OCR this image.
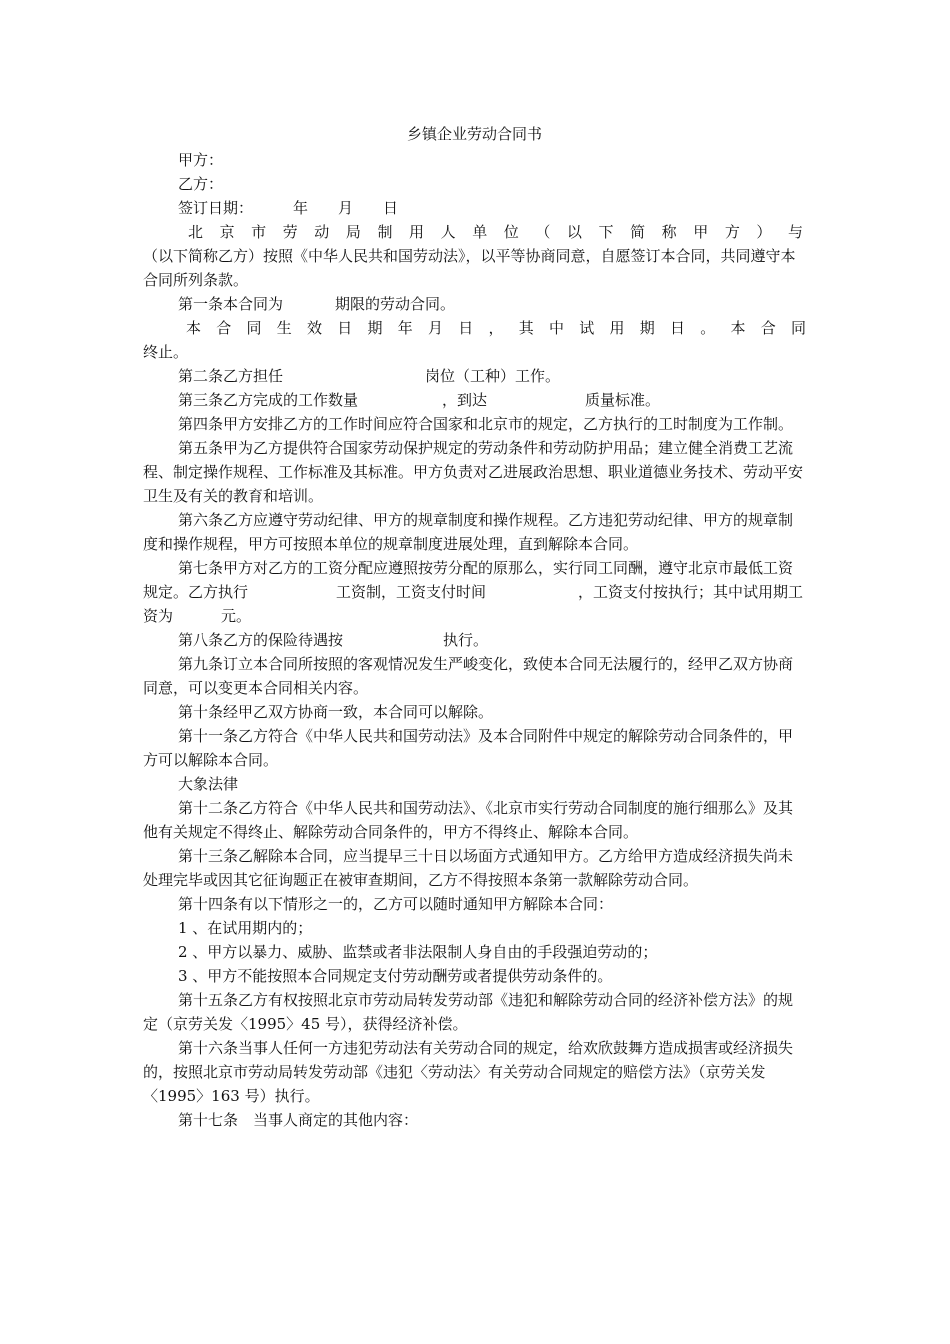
乡镇企业劳动合同书

甲方：

乙方：

签订日期：	年 月 日

北京市劳动局制用人单位（以下简称甲方）与

（以下简称乙方）按照《中华人民共和国劳动法》，以平等协商同意，自愿签订本合同，共同遵守本合同所列条款。

第一条本合同为	期限的劳动合同。

本合同生效日期年月日，其中试用期日。本合同

终止。

第二条乙方担任	岗位（工种）工作。

第三条乙方完成的工作数量	，到达	质量标准。

第四条甲方安排乙方的工作时间应符合国家和北京市的规定，乙方执行的工时制度为工作制。

第五条甲为乙方提供符合国家劳动保护规定的劳动条件和劳动防护用品；建立健全消费工艺流程、制定操作规程、工作标准及其标准。甲方负责对乙进展政治思想、职业道德业务技术、劳动平安卫生及有关的教育和培训。

第六条乙方应遵守劳动纪律、甲方的规章制度和操作规程。乙方违犯劳动纪律、甲方的规章制度和操作规程，甲方可按照本单位的规章制度进展处理，直到解除本合同。

第七条甲方对乙方的工资分配应遵照按劳分配的原那么，实行同工同酬，遵守北京市最低工资规定。乙方执行	工资制，工资支付时间	，工资支付按执行；其中试用期工资为	元。

第八条乙方的保险待遇按	执行。

第九条订立本合同所按照的客观情况发生严峻变化，致使本合同无法履行的，经甲乙双方协商同意，可以变更本合同相关内容。

第十条经甲乙双方协商一致，本合同可以解除。

第十一条乙方符合《中华人民共和国劳动法》及本合同附件中规定的解除劳动合同条件的，甲方可以解除本合同。

大象法律

第十二条乙方符合《中华人民共和国劳动法》、《北京市实行劳动合同制度的施行细那么》及其他有关规定不得终止、解除劳动合同条件的，甲方不得终止、解除本合同。

第十三条乙解除本合同，应当提早三十日以场面方式通知甲方。乙方给甲方造成经济损失尚未处理完毕或因其它征询题正在被审查期间，乙方不得按照本条第一款解除劳动合同。

第十四条有以下情形之一的，乙方可以随时通知甲方解除本合同：

1 、在试用期内的；

2 、甲方以暴力、威胁、监禁或者非法限制人身自由的手段强迫劳动的；

3 、甲方不能按照本合同规定支付劳动酬劳或者提供劳动条件的。

第十五条乙方有权按照北京市劳动局转发劳动部《违犯和解除劳动合同的经济补偿方法》的规定（京劳关发〈1995〉45 号），获得经济补偿。

第十六条当事人任何一方违犯劳动法有关劳动合同的规定，给欢欣鼓舞方造成损害或经济损失的，按照北京市劳动局转发劳动部《违犯〈劳动法〉有关劳动合同规定的赔偿方法》（京劳关发〈1995〉163 号）执行。

第十七条　当事人商定的其他内容：
